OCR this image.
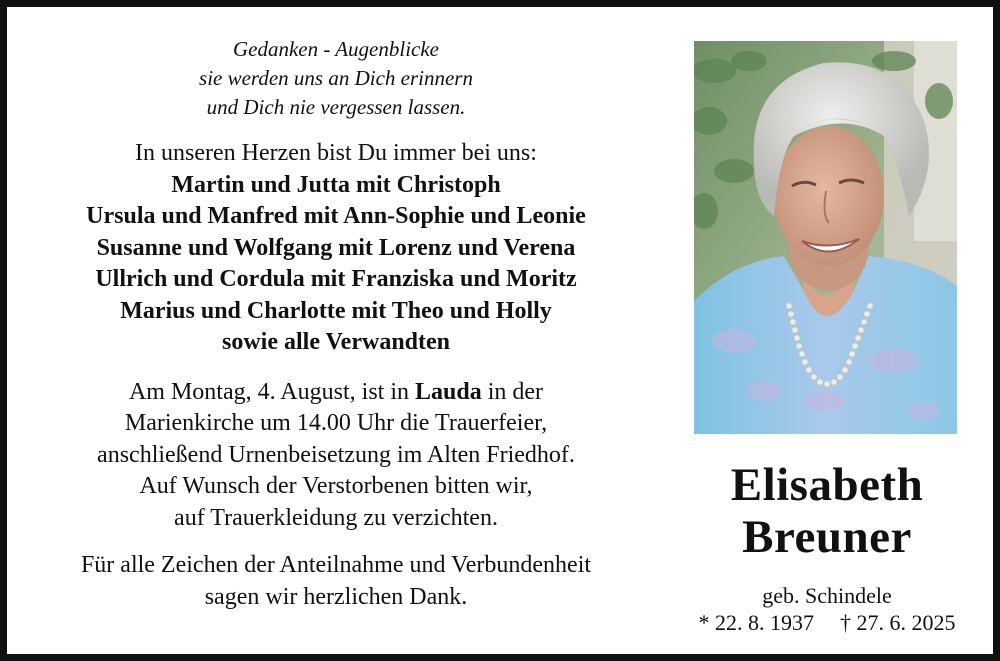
Gedanken - Augenblicke
sie werden uns an Dich erinnern
und Dich nie vergessen lassen.
In unseren Herzen bist Du immer bei uns:
Martin und Jutta mit Christoph
Ursula und Manfred mit Ann-Sophie und Leonie
Susanne und Wolfgang mit Lorenz und Verena
Ullrich und Cordula mit Franziska und Moritz
Marius und Charlotte mit Theo und Holly
sowie alle Verwandten
Am Montag, 4. August, ist in Lauda in der
Marienkirche um 14.00 Uhr die Trauerfeier,
anschließend Urnenbeisetzung im Alten Friedhof.
Auf Wunsch der Verstorbenen bitten wir,
auf Trauerkleidung zu verzichten.
Für alle Zeichen der Anteilnahme und Verbundenheit
sagen wir herzlichen Dank.
Elisabeth
Breuner
geb. Schindele
* 22. 8. 1937 † 27. 6. 2025
